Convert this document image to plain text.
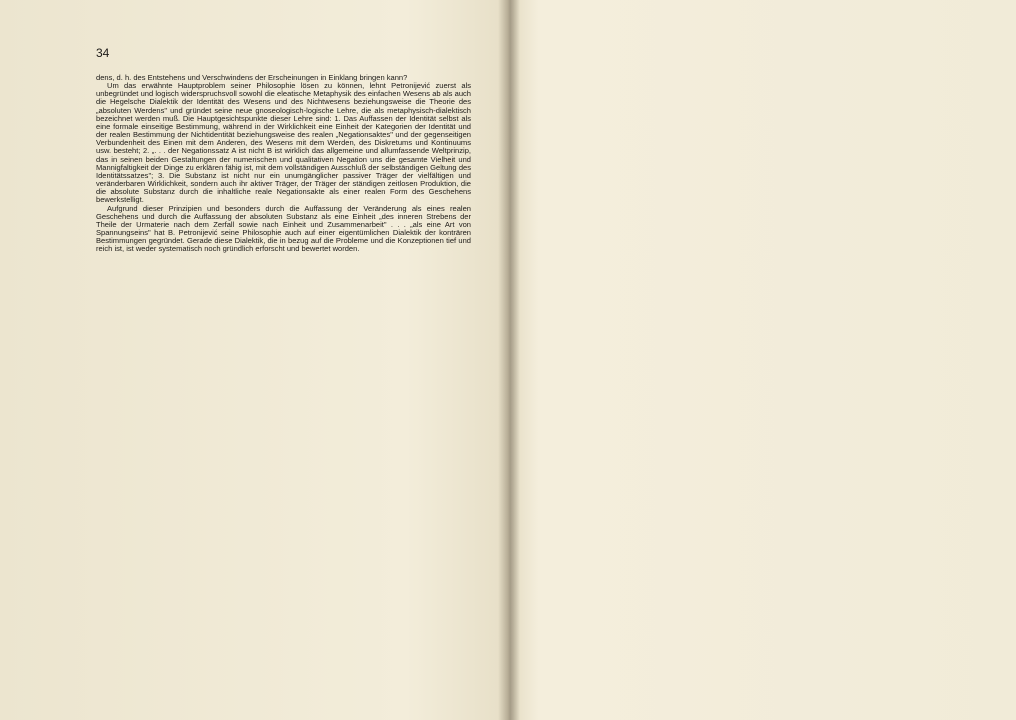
34

dens, d. h. des Entstehens und Verschwindens der Erscheinungen in Einklang bringen kann?

Um das erwähnte Hauptproblem seiner Philosophie lösen zu können, lehnt Petronijević zuerst als unbegründet und logisch widerspruchsvoll sowohl die eleatische Metaphysik des einfachen Wesens ab als auch die Hegelsche Dialektik der Identität des Wesens und des Nichtwesens beziehungsweise die Theorie des „absoluten Werdens" und gründet seine neue gnoseologisch-logische Lehre, die als metaphysisch-dialektisch bezeichnet werden muß. Die Hauptgesichtspunkte dieser Lehre sind: 1. Das Auffassen der Identität selbst als eine formale einseitige Bestimmung, während in der Wirklichkeit eine Einheit der Kategorien der Identität und der realen Bestimmung der Nichtidentität beziehungsweise des realen „Negationsaktes" und der gegenseitigen Verbundenheit des Einen mit dem Anderen, des Wesens mit dem Werden, des Diskretums und Kontinuums usw. besteht; 2. „. . . der Negationssatz A ist nicht B ist wirklich das allgemeine und allumfassende Weltprinzip, das in seinen beiden Gestaltungen der numerischen und qualitativen Negation uns die gesamte Vielheit und Mannigfaltigkeit der Dinge zu erklären fähig ist, mit dem vollständigen Ausschluß der selbständigen Geltung des Identitätssatzes"; 3. Die Substanz ist nicht nur ein unumgänglicher passiver Träger der vielfältigen und veränderbaren Wirklichkeit, sondern auch ihr aktiver Träger, der Träger der ständigen zeitlosen Produktion, die die absolute Substanz durch die inhaltliche reale Negationsakte als einer realen Form des Geschehens bewerkstelligt.

Aufgrund dieser Prinzipien und besonders durch die Auffassung der Veränderung als eines realen Geschehens und durch die Auffassung der absoluten Substanz als eine Einheit „des inneren Strebens der Theile der Urmaterie nach dem Zerfall sowie nach Einheit und Zusammenarbeit" . . . „als eine Art von Spannungseins" hat B. Petronijević seine Philosophie auch auf einer eigentümlichen Dialektik der konträren Bestimmungen gegründet. Gerade diese Dialektik, die in bezug auf die Probleme und die Konzeptionen tief und reich ist, ist weder systematisch noch gründlich erforscht und bewertet worden.
